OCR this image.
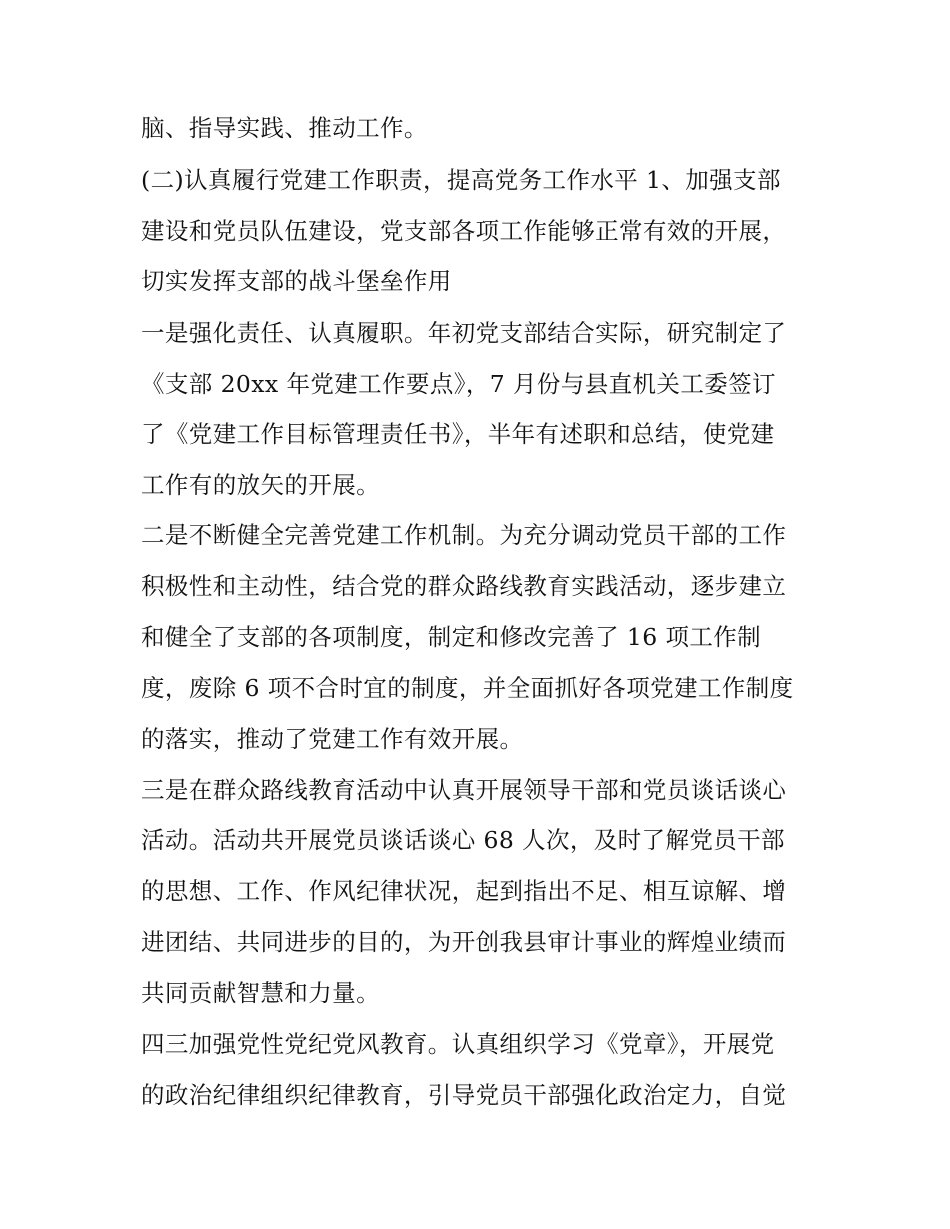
脑、指导实践、推动工作。
(二)认真履行党建工作职责，提高党务工作水平 1、加强支部
建设和党员队伍建设，党支部各项工作能够正常有效的开展，
切实发挥支部的战斗堡垒作用
一是强化责任、认真履职。年初党支部结合实际，研究制定了
《支部 20xx 年党建工作要点》，7 月份与县直机关工委签订
了《党建工作目标管理责任书》，半年有述职和总结，使党建
工作有的放矢的开展。
二是不断健全完善党建工作机制。为充分调动党员干部的工作
积极性和主动性，结合党的群众路线教育实践活动，逐步建立
和健全了支部的各项制度，制定和修改完善了 16 项工作制
度，废除 6 项不合时宜的制度，并全面抓好各项党建工作制度
的落实，推动了党建工作有效开展。
三是在群众路线教育活动中认真开展领导干部和党员谈话谈心
活动。活动共开展党员谈话谈心 68 人次，及时了解党员干部
的思想、工作、作风纪律状况，起到指出不足、相互谅解、增
进团结、共同进步的目的，为开创我县审计事业的辉煌业绩而
共同贡献智慧和力量。
四三加强党性党纪党风教育。认真组织学习《党章》，开展党
的政治纪律组织纪律教育，引导党员干部强化政治定力，自觉
